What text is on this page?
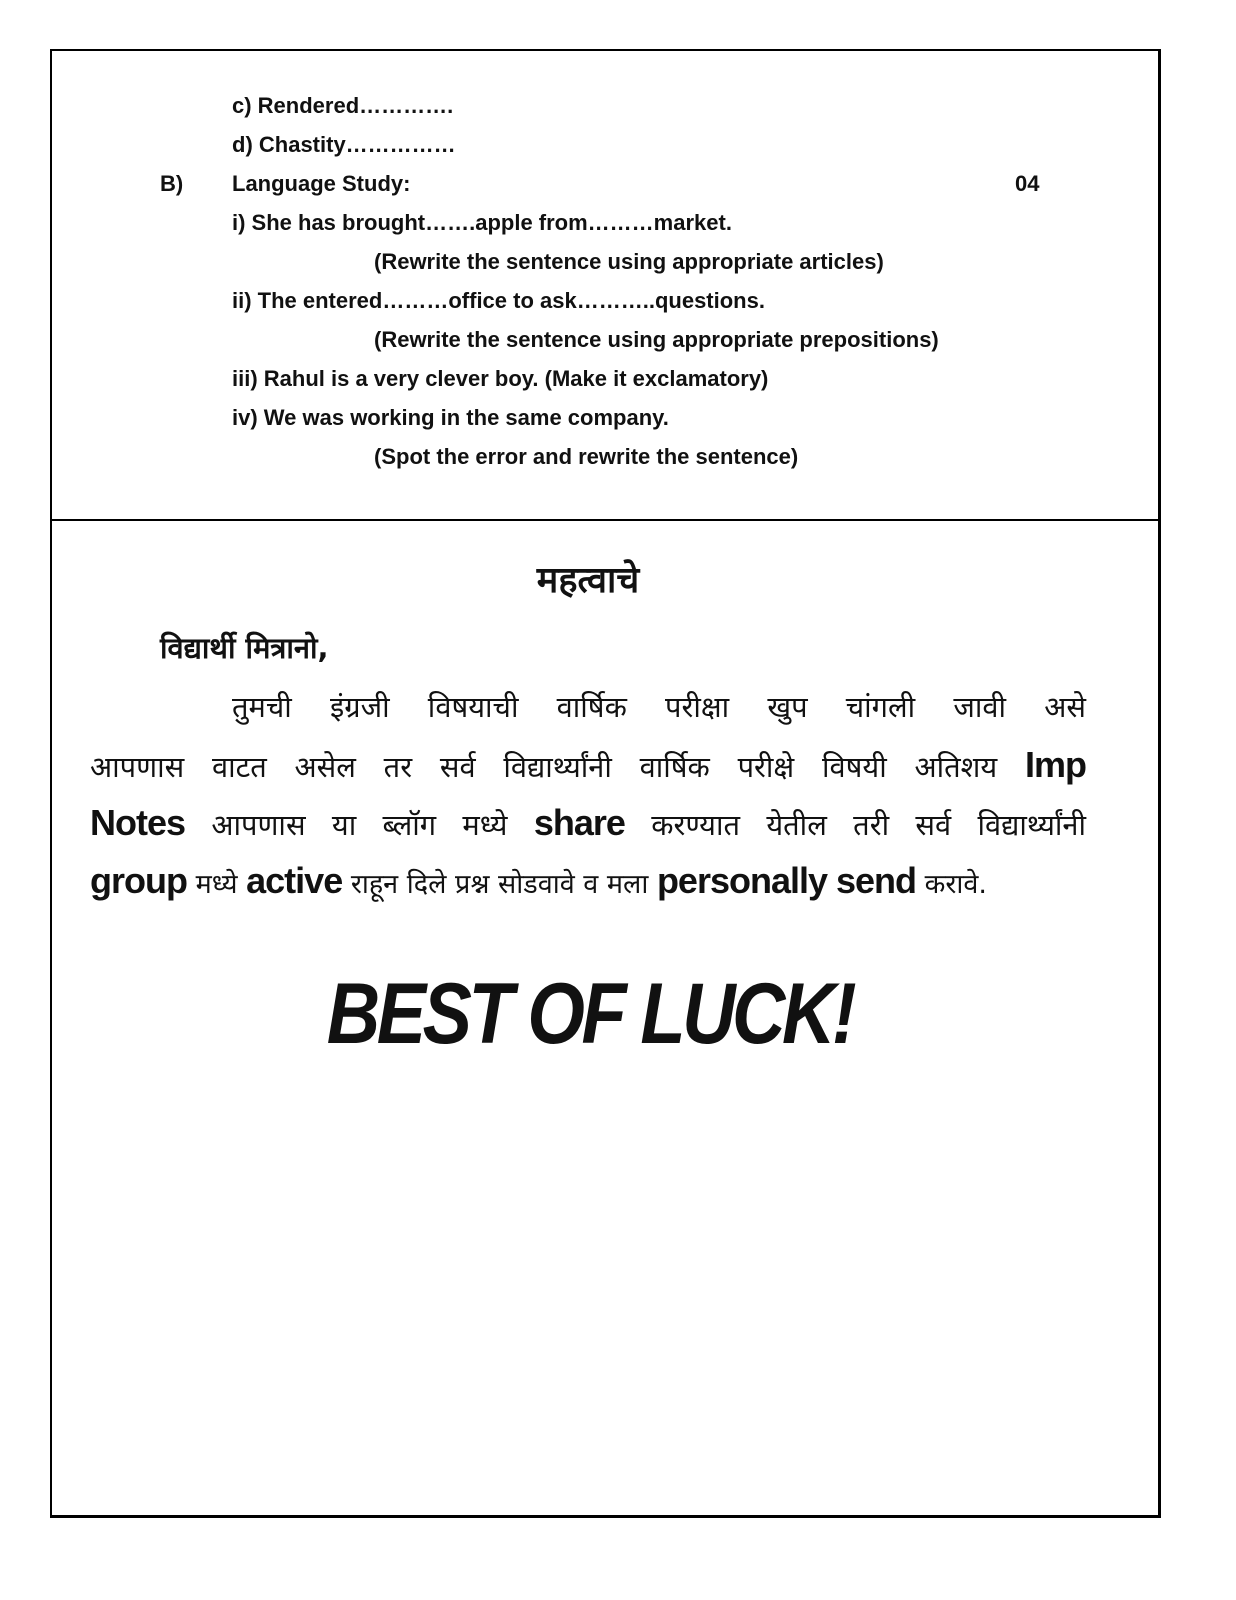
c) Rendered………….
d) Chastity……………
B) Language Study:	04
i) She has brought…….apple from………market.
(Rewrite the sentence using appropriate articles)
ii) The entered………office to ask………..questions.
(Rewrite the sentence using appropriate prepositions)
iii) Rahul is a very clever boy. (Make it exclamatory)
iv) We was working in the same company.
(Spot the error and rewrite the sentence)
महत्वाचे
विद्यार्थी मित्रानो,
तुमची इंग्रजी विषयाची वार्षिक परीक्षा खुप चांगली जावी असे
आपणास वाटत असेल तर सर्व विद्यार्थ्यांनी वार्षिक परीक्षे विषयी अतिशय Imp
Notes आपणास या ब्लॉग मध्ये share करण्यात येतील तरी सर्व विद्यार्थ्यांनी
group मध्ये active राहून दिले प्रश्न सोडवावे व मला personally send करावे.
BEST OF LUCK!
